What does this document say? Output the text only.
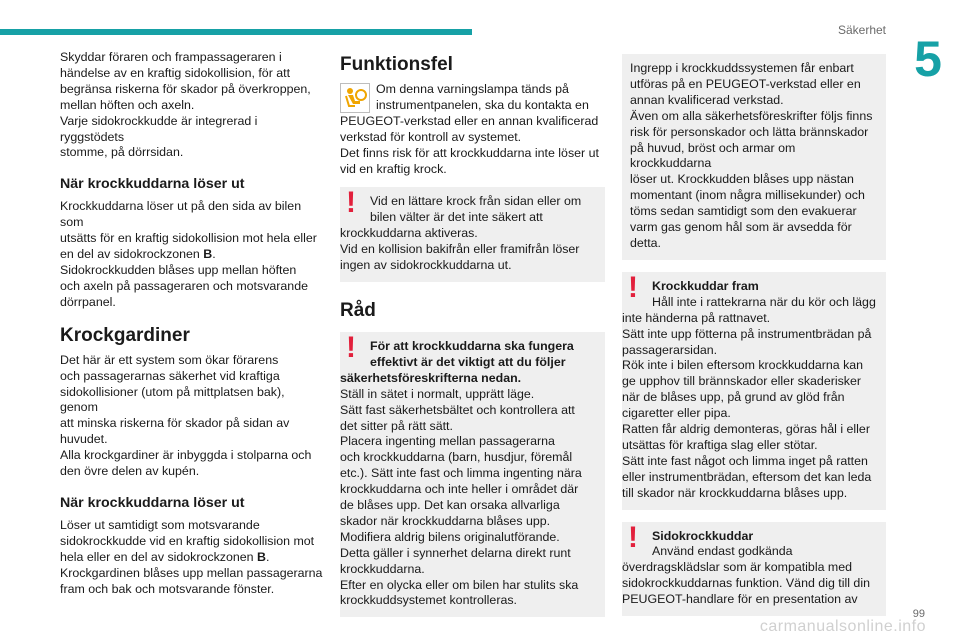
Säkerhet
5

Skyddar föraren och frampassageraren i
händelse av en kraftig sidokollision, för att
begränsa riskerna för skador på överkroppen,
mellan höften och axeln.
Varje sidokrockkudde är integrerad i ryggstödets
stomme, på dörrsidan.

När krockkuddarna löser ut

Krockkuddarna löser ut på den sida av bilen som
utsätts för en kraftig sidokollision mot hela eller
en del av sidokrockzonen B.
Sidokrockkudden blåses upp mellan höften
och axeln på passageraren och motsvarande
dörrpanel.

Krockgardiner

Det här är ett system som ökar förarens
och passagerarnas säkerhet vid kraftiga
sidokollisioner (utom på mittplatsen bak), genom
att minska riskerna för skador på sidan av
huvudet.
Alla krockgardiner är inbyggda i stolparna och
den övre delen av kupén.

När krockkuddarna löser ut

Löser ut samtidigt som motsvarande
sidokrockkudde vid en kraftig sidokollision mot
hela eller en del av sidokrockzonen B.
Krockgardinen blåses upp mellan passagerarna
fram och bak och motsvarande fönster.

Funktionsfel
Om denna varningslampa tänds på
instrumentpanelen, ska du kontakta en

PEUGEOT-verkstad eller en annan kvalificerad
verkstad för kontroll av systemet.
Det finns risk för att krockkuddarna inte löser ut
vid en kraftig krock.
!	Vid en lättare krock från sidan eller om
bilen välter är det inte säkert att
krockkuddarna aktiveras.
Vid en kollision bakifrån eller framifrån löser
ingen av sidokrockkuddarna ut.
Råd
!	För att krockkuddarna ska fungera
effektivt är det viktigt att du följer
säkerhetsföreskrifterna nedan.
Ställ in sätet i normalt, upprätt läge.
Sätt fast säkerhetsbältet och kontrollera att
det sitter på rätt sätt.
Placera ingenting mellan passagerarna
och krockkuddarna (barn, husdjur, föremål
etc.). Sätt inte fast och limma ingenting nära
krockkuddarna och inte heller i området där
de blåses upp. Det kan orsaka allvarliga
skador när krockkuddarna blåses upp.
Modifiera aldrig bilens originalutförande.
Detta gäller i synnerhet delarna direkt runt
krockkuddarna.
Efter en olycka eller om bilen har stulits ska
krockkuddsystemet kontrolleras.

Ingrepp i krockkuddssystemen får enbart
utföras på en PEUGEOT-verkstad eller en
annan kvalificerad verkstad.
Även om alla säkerhetsföreskrifter följs finns
risk för personskador och lätta brännskador
på huvud, bröst och armar om krockkuddarna
löser ut. Krockkudden blåses upp nästan
momentant (inom några millisekunder) och
töms sedan samtidigt som den evakuerar
varm gas genom hål som är avsedda för
detta.

!	Krockkuddar fram
Håll inte i rattekrarna när du kör och lägg
inte händerna på rattnavet.
Sätt inte upp fötterna på instrumentbrädan på
passagerarsidan.
Rök inte i bilen eftersom krockkuddarna kan
ge upphov till brännskador eller skaderisker
när de blåses upp, på grund av glöd från
cigaretter eller pipa.
Ratten får aldrig demonteras, göras hål i eller
utsättas för kraftiga slag eller stötar.
Sätt inte fast något och limma inget på ratten
eller instrumentbrädan, eftersom det kan leda
till skador när krockkuddarna blåses upp.
!	Sidokrockkuddar
Använd endast godkända
överdragsklädslar som är kompatibla med
sidokrockkuddarnas funktion. Vänd dig till din
PEUGEOT-handlare för en presentation av
carmanualsonline.info
99
